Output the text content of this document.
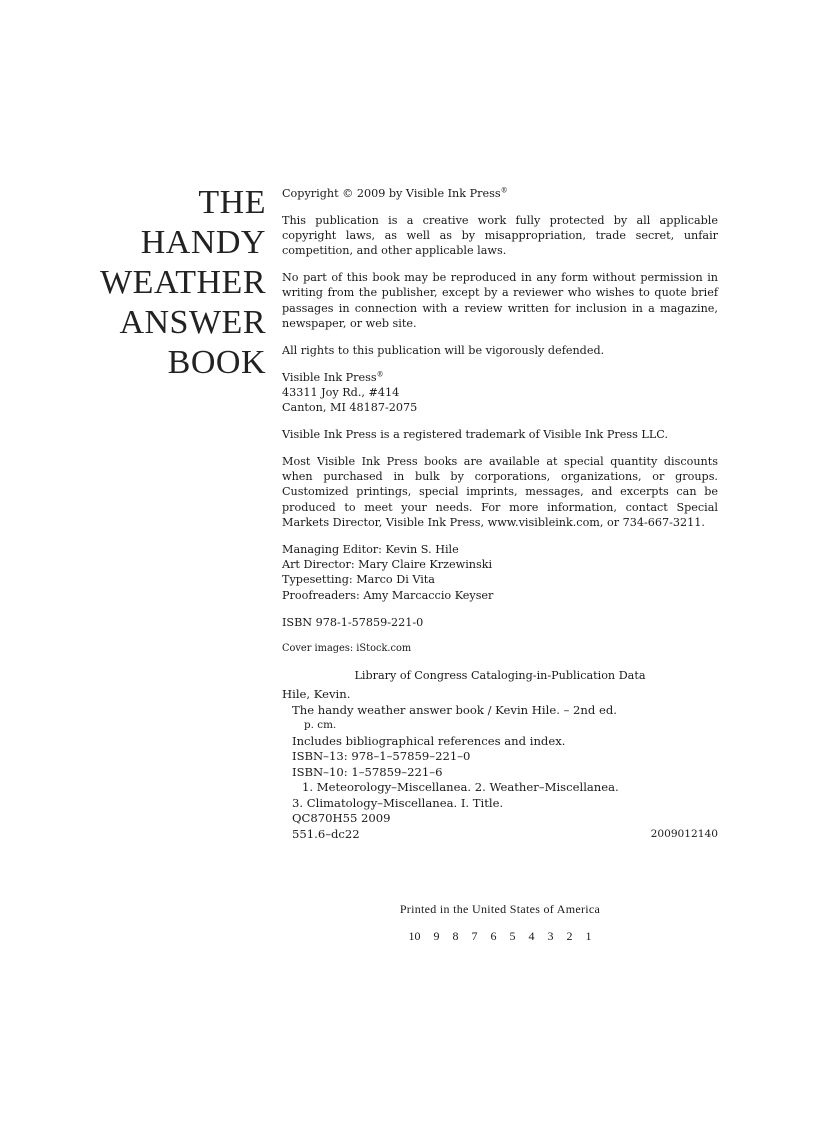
THE
HANDY
WEATHER
ANSWER
BOOK

Copyright © 2009 by Visible Ink Press®

This publication is a creative work fully protected by all applicable copyright laws, as well as by misappropriation, trade secret, unfair competition, and other applicable laws.

No part of this book may be reproduced in any form without permission in writing from the publisher, except by a reviewer who wishes to quote brief passages in connection with a review written for inclusion in a magazine, newspaper, or web site.

All rights to this publication will be vigorously defended.

Visible Ink Press®
43311 Joy Rd., #414
Canton, MI 48187-2075

Visible Ink Press is a registered trademark of Visible Ink Press LLC.

Most Visible Ink Press books are available at special quantity discounts when purchased in bulk by corporations, organizations, or groups. Customized printings, special imprints, messages, and excerpts can be produced to meet your needs. For more information, contact Special Markets Director, Visible Ink Press, www.visibleink.com, or 734-667-3211.

Managing Editor: Kevin S. Hile
Art Director: Mary Claire Krzewinski
Typesetting: Marco Di Vita
Proofreaders: Amy Marcaccio Keyser

ISBN 978-1-57859-221-0

Cover images: iStock.com

Library of Congress Cataloging-in-Publication Data

Hile, Kevin.
The handy weather answer book / Kevin Hile. – 2nd ed.
p. cm.
Includes bibliographical references and index.
ISBN–13: 978–1–57859–221–0
ISBN–10: 1–57859–221–6
1. Meteorology–Miscellanea. 2. Weather–Miscellanea.
3. Climatology–Miscellanea. I. Title.
QC870H55 2009
551.6–dc22	2009012140
Printed in the United States of America
10 9 8 7 6 5 4 3 2 1
